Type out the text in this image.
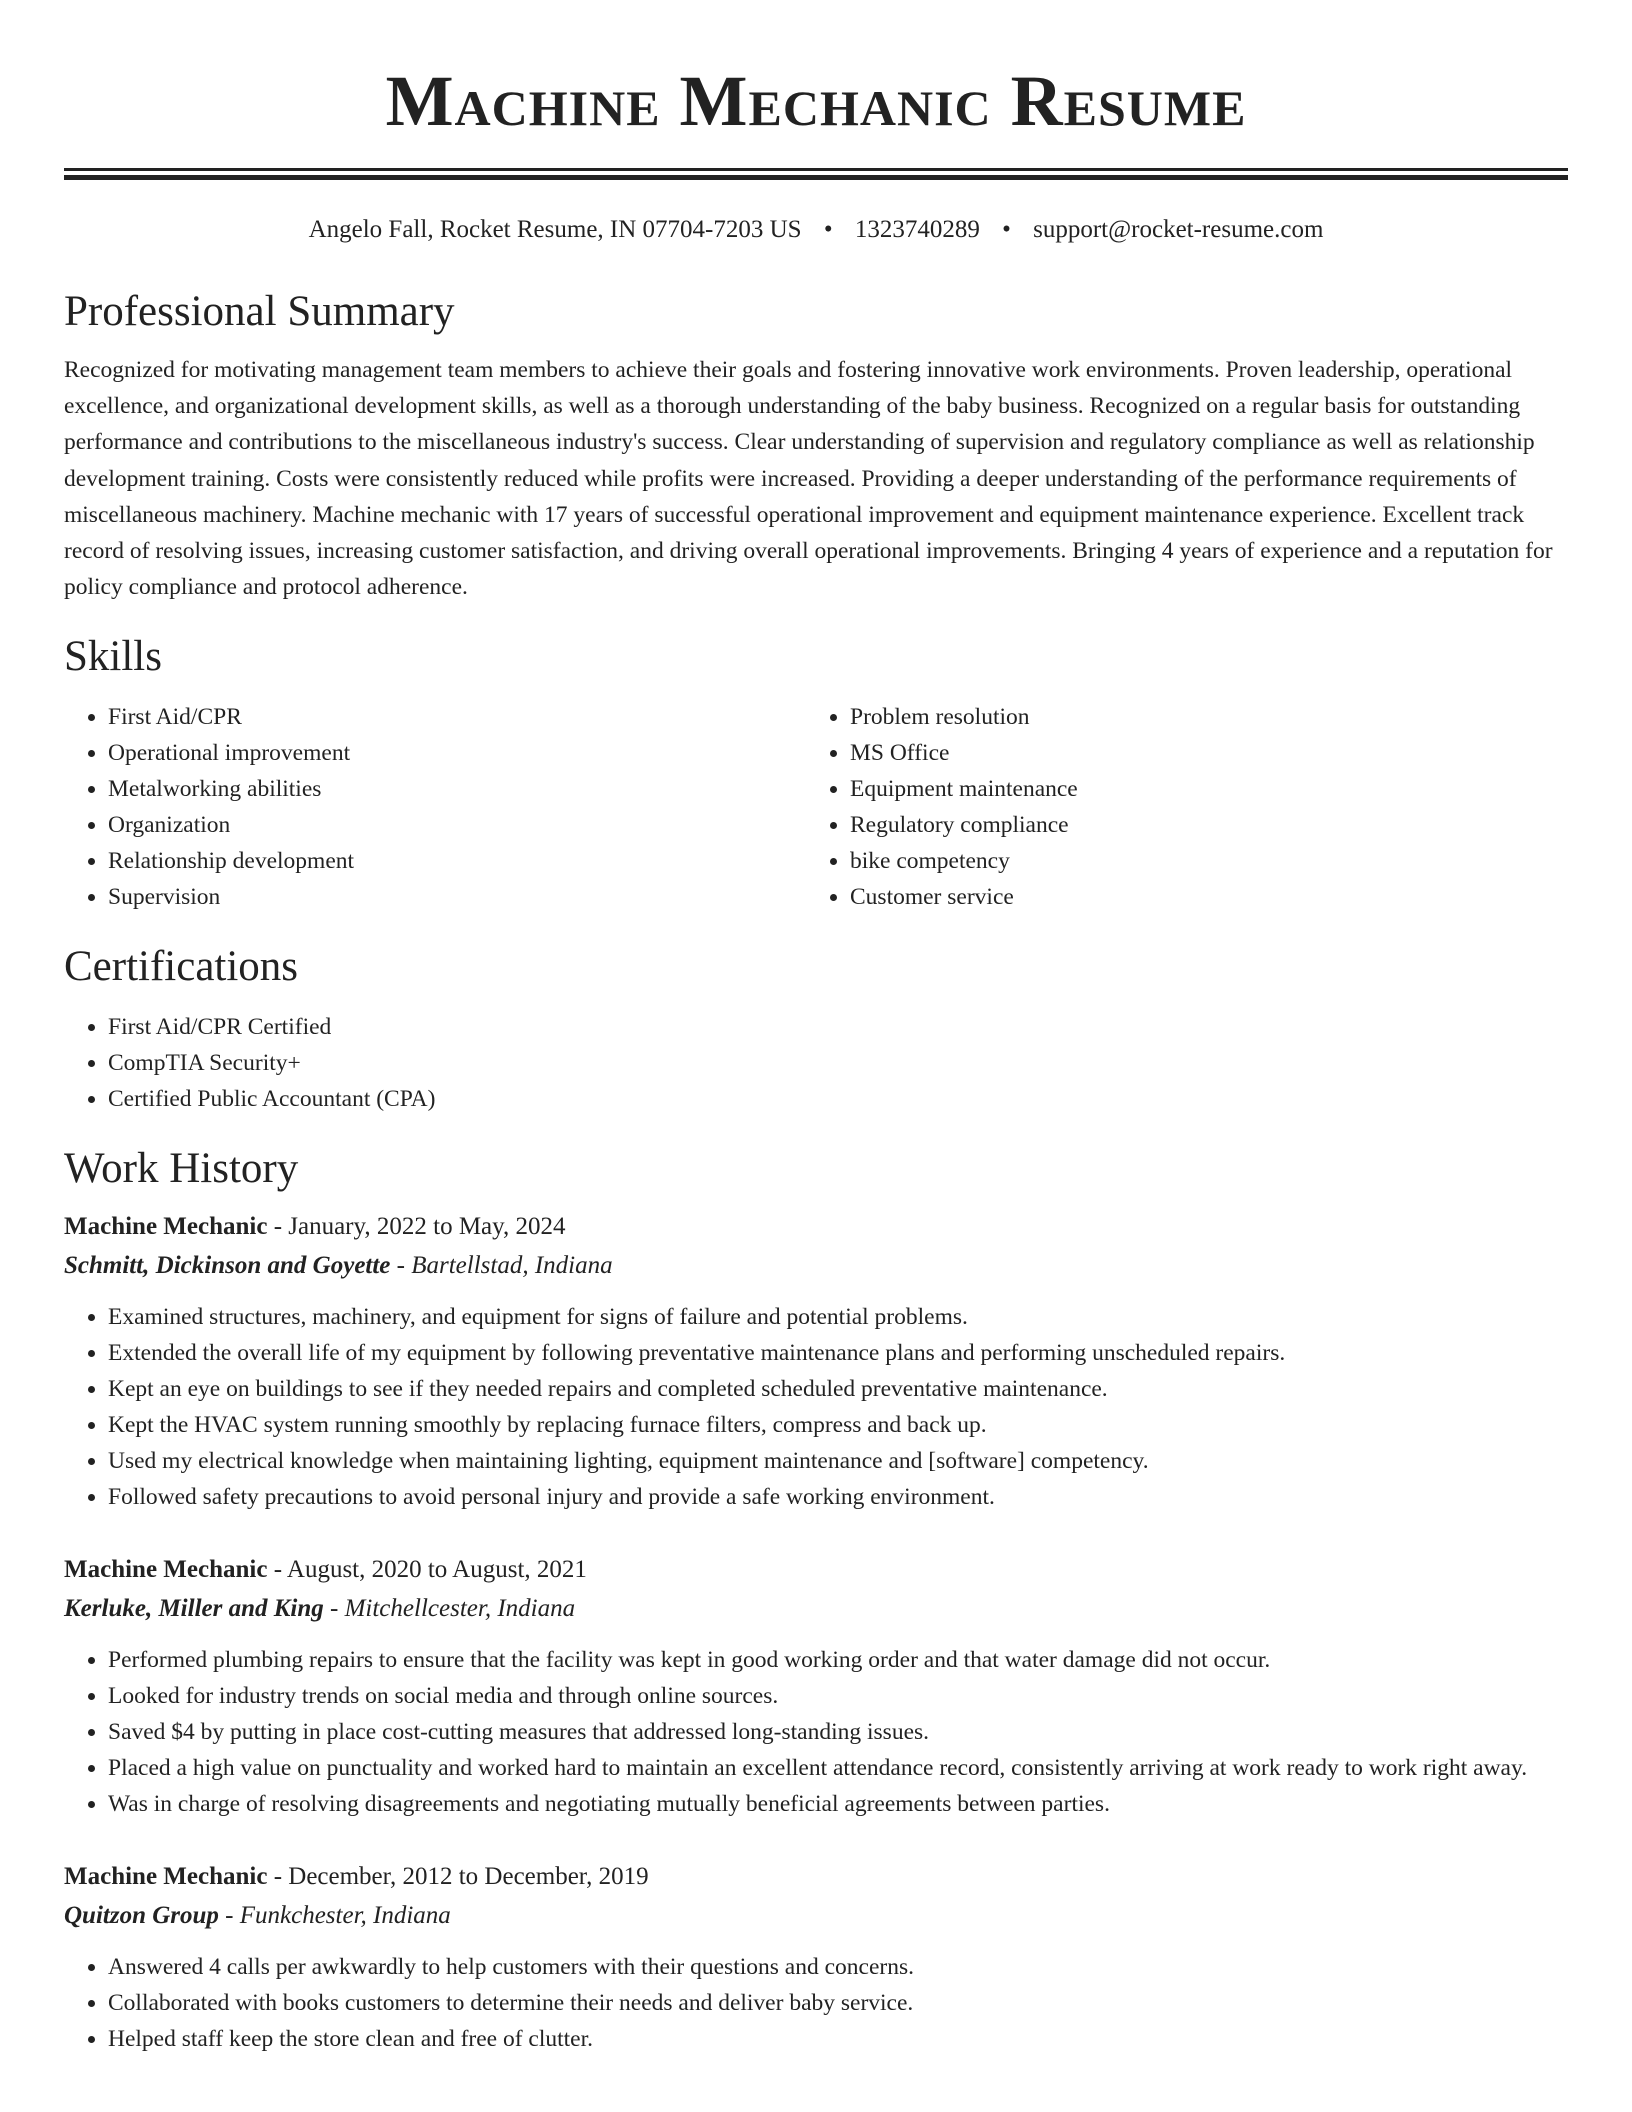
Machine Mechanic Resume
Angelo Fall, Rocket Resume, IN 07704-7203 US • 1323740289 • support@rocket-resume.com
Professional Summary

Recognized for motivating management team members to achieve their goals and fostering innovative work environments. Proven leadership, operational excellence, and organizational development skills, as well as a thorough understanding of the baby business. Recognized on a regular basis for outstanding performance and contributions to the miscellaneous industry's success. Clear understanding of supervision and regulatory compliance as well as relationship development training. Costs were consistently reduced while profits were increased. Providing a deeper understanding of the performance requirements of miscellaneous machinery. Machine mechanic with 17 years of successful operational improvement and equipment maintenance experience. Excellent track record of resolving issues, increasing customer satisfaction, and driving overall operational improvements. Bringing 4 years of experience and a reputation for policy compliance and protocol adherence.

Skills
• First Aid/CPR
• Operational improvement
• Metalworking abilities
• Organization
• Relationship development
• Supervision
• Problem resolution
• MS Office
• Equipment maintenance
• Regulatory compliance
• bike competency
• Customer service
Certifications
• First Aid/CPR Certified
• CompTIA Security+
• Certified Public Accountant (CPA)
Work History
Machine Mechanic - January, 2022 to May, 2024
Schmitt, Dickinson and Goyette - Bartellstad, Indiana
• Examined structures, machinery, and equipment for signs of failure and potential problems.
• Extended the overall life of my equipment by following preventative maintenance plans and performing unscheduled repairs.
• Kept an eye on buildings to see if they needed repairs and completed scheduled preventative maintenance.
• Kept the HVAC system running smoothly by replacing furnace filters, compress and back up.
• Used my electrical knowledge when maintaining lighting, equipment maintenance and [software] competency.
• Followed safety precautions to avoid personal injury and provide a safe working environment.
Machine Mechanic - August, 2020 to August, 2021
Kerluke, Miller and King - Mitchellcester, Indiana
• Performed plumbing repairs to ensure that the facility was kept in good working order and that water damage did not occur.
• Looked for industry trends on social media and through online sources.
• Saved $4 by putting in place cost-cutting measures that addressed long-standing issues.
• Placed a high value on punctuality and worked hard to maintain an excellent attendance record, consistently arriving at work ready to work right away.
• Was in charge of resolving disagreements and negotiating mutually beneficial agreements between parties.
Machine Mechanic - December, 2012 to December, 2019
Quitzon Group - Funkchester, Indiana
• Answered 4 calls per awkwardly to help customers with their questions and concerns.
• Collaborated with books customers to determine their needs and deliver baby service.
• Helped staff keep the store clean and free of clutter.
